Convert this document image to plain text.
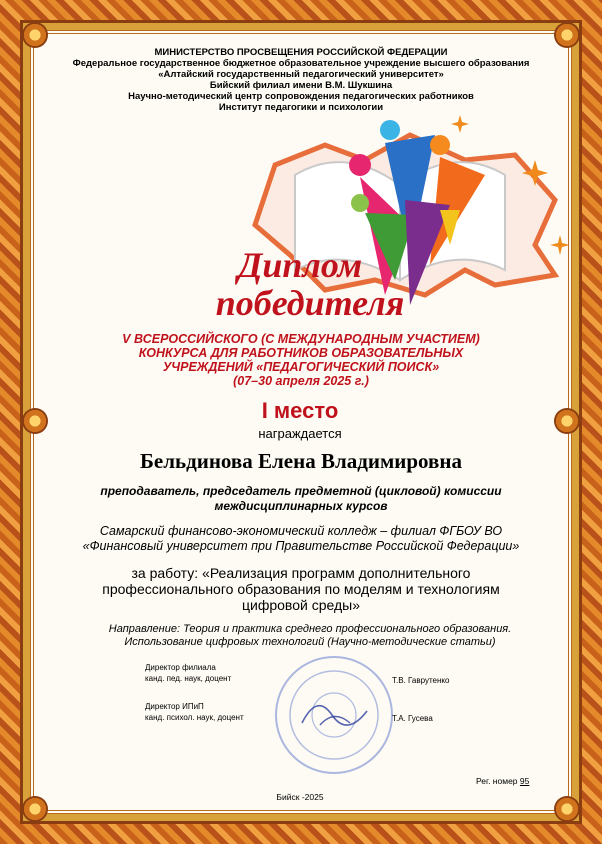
МИНИСТЕРСТВО ПРОСВЕЩЕНИЯ РОССИЙСКОЙ ФЕДЕРАЦИИ
Федеральное государственное бюджетное образовательное учреждение высшего образования
«Алтайский государственный педагогический университет»
Бийский филиал имени В.М. Шукшина
Научно-методический центр сопровождения педагогических работников
Институт педагогики и психологии
Диплом
победителя
V ВСЕРОССИЙСКОГО (С МЕЖДУНАРОДНЫМ УЧАСТИЕМ)
КОНКУРСА ДЛЯ РАБОТНИКОВ ОБРАЗОВАТЕЛЬНЫХ
УЧРЕЖДЕНИЙ «ПЕДАГОГИЧЕСКИЙ ПОИСК»
(07–30 апреля 2025 г.)
I место
награждается
Бельдинова Елена Владимировна
преподаватель, председатель предметной (цикловой) комиссии
междисциплинарных курсов
Самарский финансово-экономический колледж – филиал ФГБОУ ВО
«Финансовый университет при Правительстве Российской Федерации»
за работу: «Реализация программ дополнительного
профессионального образования по моделям и технологиям
цифровой среды»
Направление: Теория и практика среднего профессионального образования.
Использование цифровых технологий (Научно-методические статьи)
Директор филиала
канд. пед. наук, доцент	Т.В. Гаврутенко
Директор ИПиП
канд. психол. наук, доцент	Т.А. Гусева
Рег. номер 95
Бийск -2025
